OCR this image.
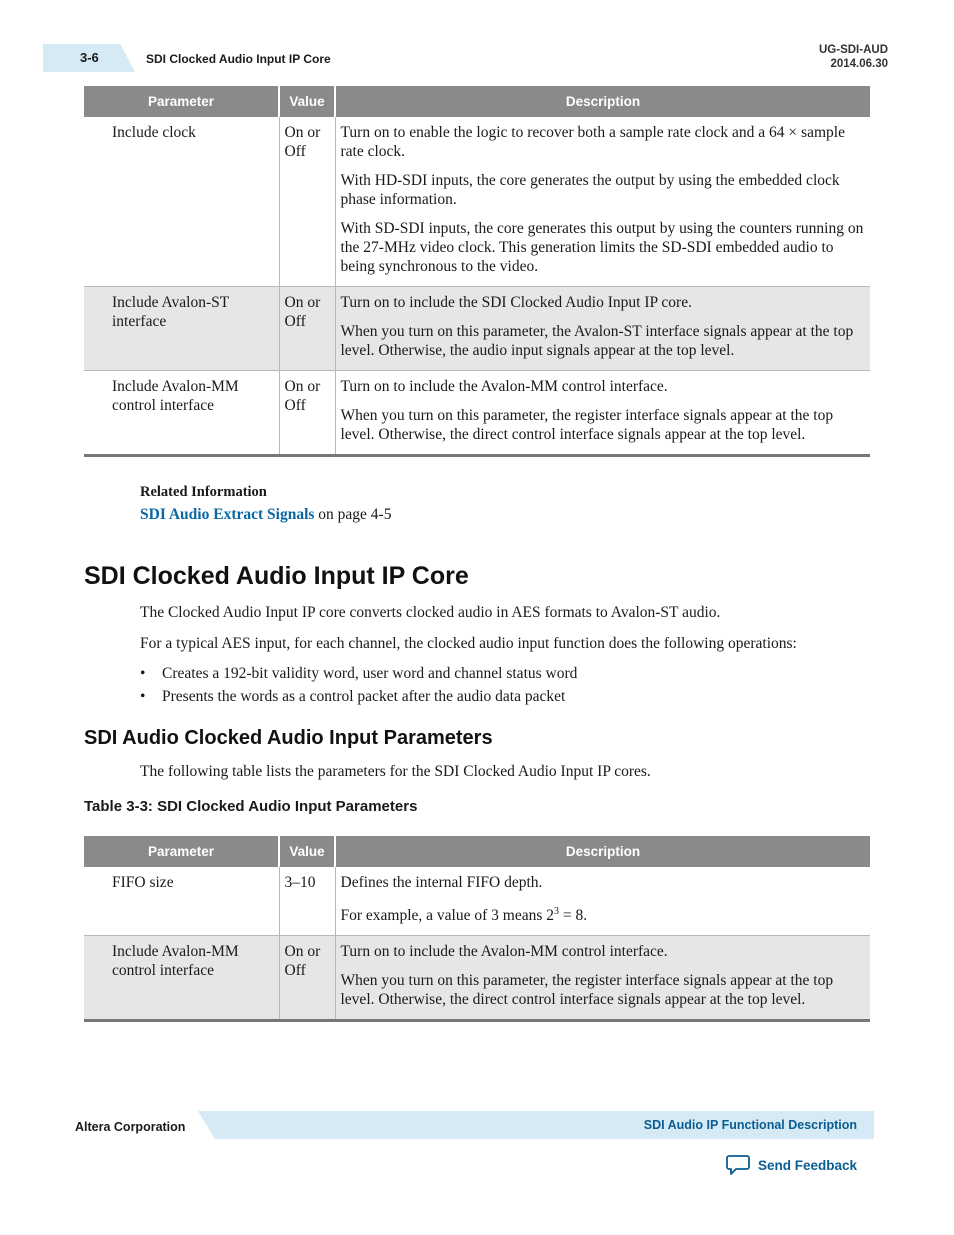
3-6	SDI Clocked Audio Input IP Core
UG-SDI-AUD
2014.06.30
Parameter	Value	Description
Include clock	On or Off	Turn on to enable the logic to recover both a sample rate clock and a 64 × sample rate clock.
With HD-SDI inputs, the core generates the output by using the embedded clock phase information.
With SD-SDI inputs, the core generates this output by using the counters running on the 27-MHz video clock. This generation limits the SD-SDI embedded audio to being synchronous to the video.

Include Avalon-ST interface	On or Off	Turn on to include the SDI Clocked Audio Input IP core.
When you turn on this parameter, the Avalon-ST interface signals appear at the top level. Otherwise, the audio input signals appear at the top level.

Include Avalon-MM control interface	On or Off	Turn on to include the Avalon-MM control interface.
When you turn on this parameter, the register interface signals appear at the top level. Otherwise, the direct control interface signals appear at the top level.
Related Information
SDI Audio Extract Signals on page 4-5
SDI Clocked Audio Input IP Core
The Clocked Audio Input IP core converts clocked audio in AES formats to Avalon-ST audio.
For a typical AES input, for each channel, the clocked audio input function does the following operations:
• Creates a 192-bit validity word, user word and channel status word
• Presents the words as a control packet after the audio data packet
SDI Audio Clocked Audio Input Parameters
The following table lists the parameters for the SDI Clocked Audio Input IP cores.
Table 3-3: SDI Clocked Audio Input Parameters
Parameter	Value	Description
FIFO size	3–10	Defines the internal FIFO depth.
For example, a value of 3 means $2^3 = 8$.

Include Avalon-MM control interface	On or Off	Turn on to include the Avalon-MM control interface.
When you turn on this parameter, the register interface signals appear at the top level. Otherwise, the direct control interface signals appear at the top level.
Altera Corporation	SDI Audio IP Functional Description
Send Feedback
